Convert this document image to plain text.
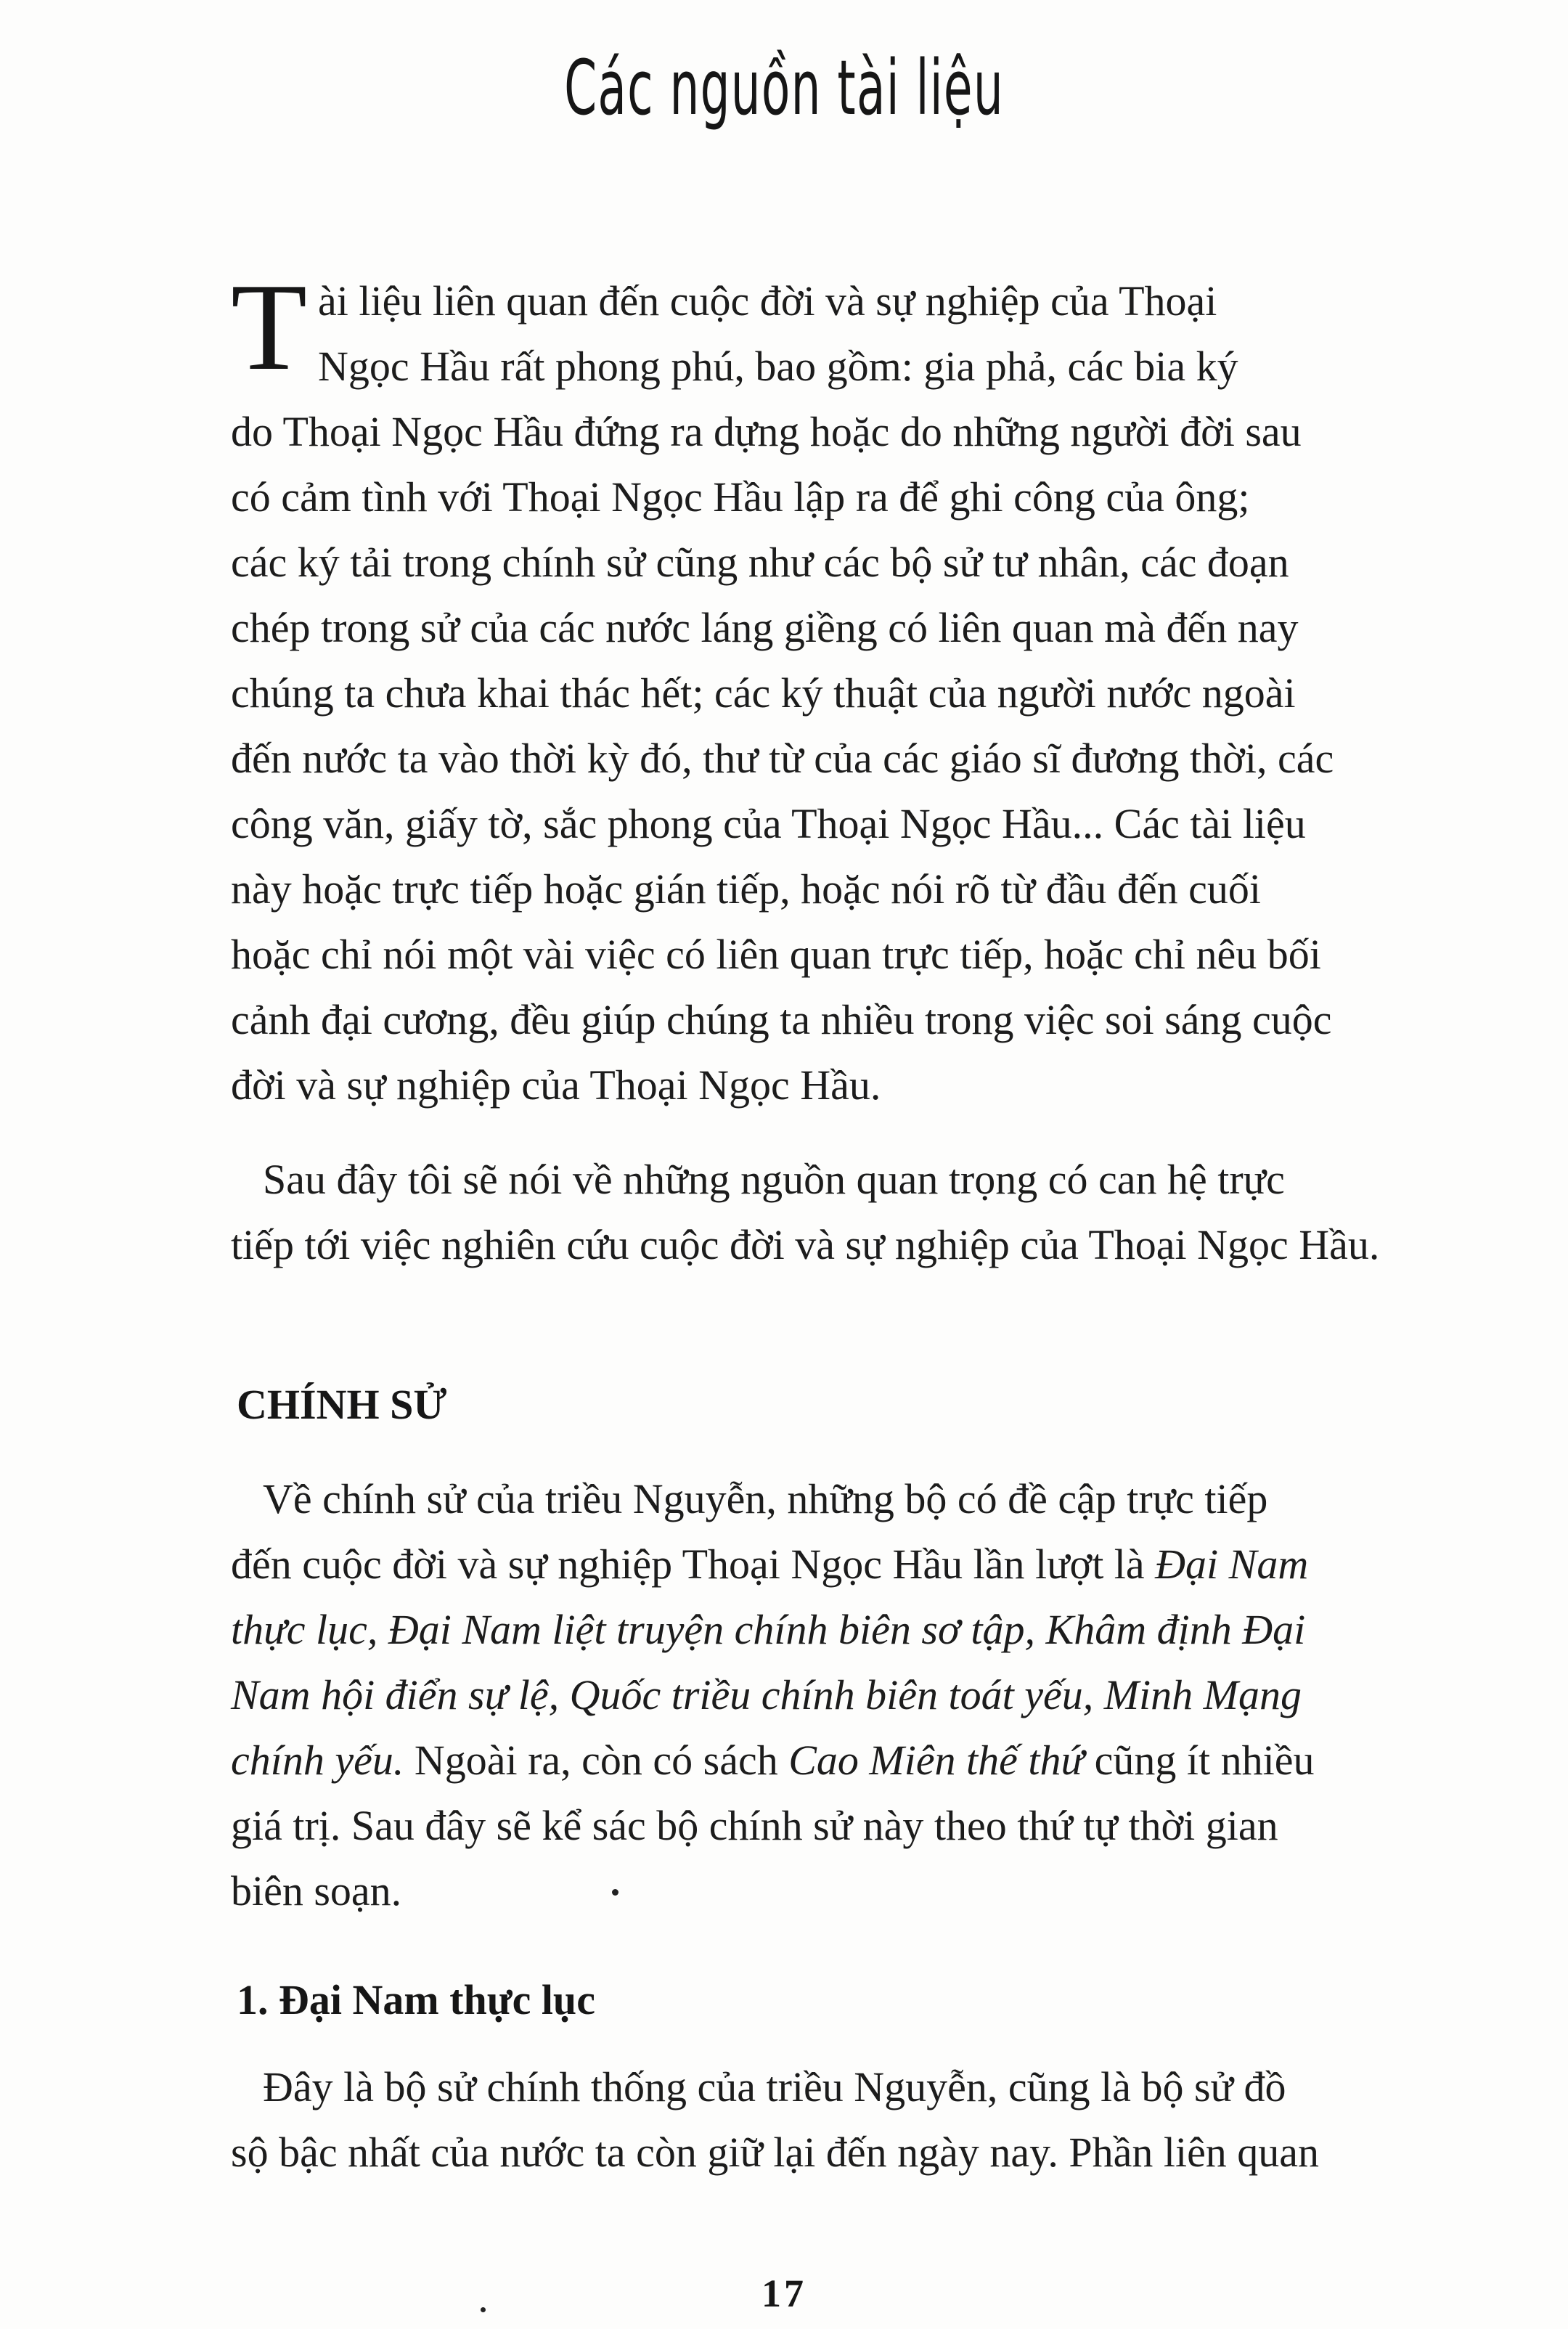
Các nguồn tài liệu
T ài liệu liên quan đến cuộc đời và sự nghiệp của Thoại
Ngọc Hầu rất phong phú, bao gồm: gia phả, các bia ký
do Thoại Ngọc Hầu đứng ra dựng hoặc do những người đời sau
có cảm tình với Thoại Ngọc Hầu lập ra để ghi công của ông;
các ký tải trong chính sử cũng như các bộ sử tư nhân, các đoạn
chép trong sử của các nước láng giềng có liên quan mà đến nay
chúng ta chưa khai thác hết; các ký thuật của người nước ngoài
đến nước ta vào thời kỳ đó, thư từ của các giáo sĩ đương thời, các
công văn, giấy tờ, sắc phong của Thoại Ngọc Hầu... Các tài liệu
này hoặc trực tiếp hoặc gián tiếp, hoặc nói rõ từ đầu đến cuối
hoặc chỉ nói một vài việc có liên quan trực tiếp, hoặc chỉ nêu bối
cảnh đại cương, đều giúp chúng ta nhiều trong việc soi sáng cuộc
đời và sự nghiệp của Thoại Ngọc Hầu.
Sau đây tôi sẽ nói về những nguồn quan trọng có can hệ trực
tiếp tới việc nghiên cứu cuộc đời và sự nghiệp của Thoại Ngọc Hầu.
CHÍNH SỬ
Về chính sử của triều Nguyễn, những bộ có đề cập trực tiếp
đến cuộc đời và sự nghiệp Thoại Ngọc Hầu lần lượt là Đại Nam
thực lục, Đại Nam liệt truyện chính biên sơ tập, Khâm định Đại
Nam hội điển sự lệ, Quốc triều chính biên toát yếu, Minh Mạng
chính yếu. Ngoài ra, còn có sách Cao Miên thế thứ cũng ít nhiều
giá trị. Sau đây sẽ kể sác bộ chính sử này theo thứ tự thời gian
biên soạn.
1. Đại Nam thực lục
Đây là bộ sử chính thống của triều Nguyễn, cũng là bộ sử đồ
sộ bậc nhất của nước ta còn giữ lại đến ngày nay. Phần liên quan
17
